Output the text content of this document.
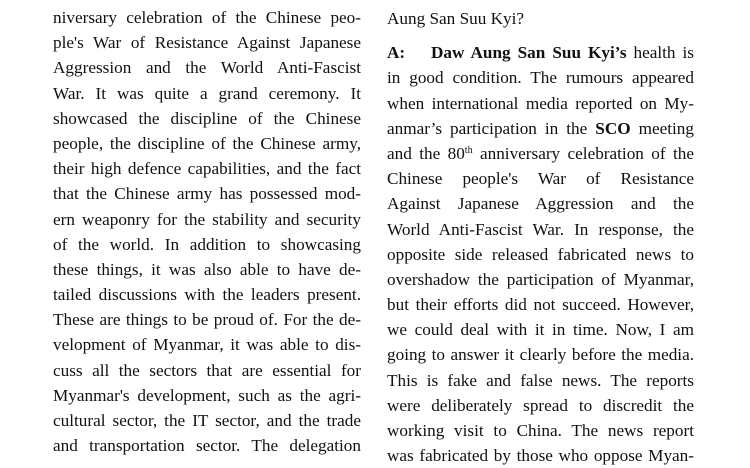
niversary celebration of the Chinese peo-
ple's War of Resistance Against Japanese
Aggression and the World Anti-Fascist
War. It was quite a grand ceremony. It
showcased the discipline of the Chinese
people, the discipline of the Chinese army,
their high defence capabilities, and the fact
that the Chinese army has possessed mod-
ern weaponry for the stability and security
of the world. In addition to showcasing
these things, it was also able to have de-
tailed discussions with the leaders present.
These are things to be proud of. For the de-
velopment of Myanmar, it was able to dis-
cuss all the sectors that are essential for
Myanmar's development, such as the agri-
cultural sector, the IT sector, and the trade
and transportation sector. The delegation
Aung San Suu Kyi?
A: Daw Aung San Suu Kyi’s health is
in good condition. The rumours appeared
when international media reported on My-
anmar’s participation in the SCO meeting
and the 80th anniversary celebration of the
Chinese people's War of Resistance
Against Japanese Aggression and the
World Anti-Fascist War. In response, the
opposite side released fabricated news to
overshadow the participation of Myanmar,
but their efforts did not succeed. However,
we could deal with it in time. Now, I am
going to answer it clearly before the media.
This is fake and false news. The reports
were deliberately spread to discredit the
working visit to China. The news report
was fabricated by those who oppose Myan-
